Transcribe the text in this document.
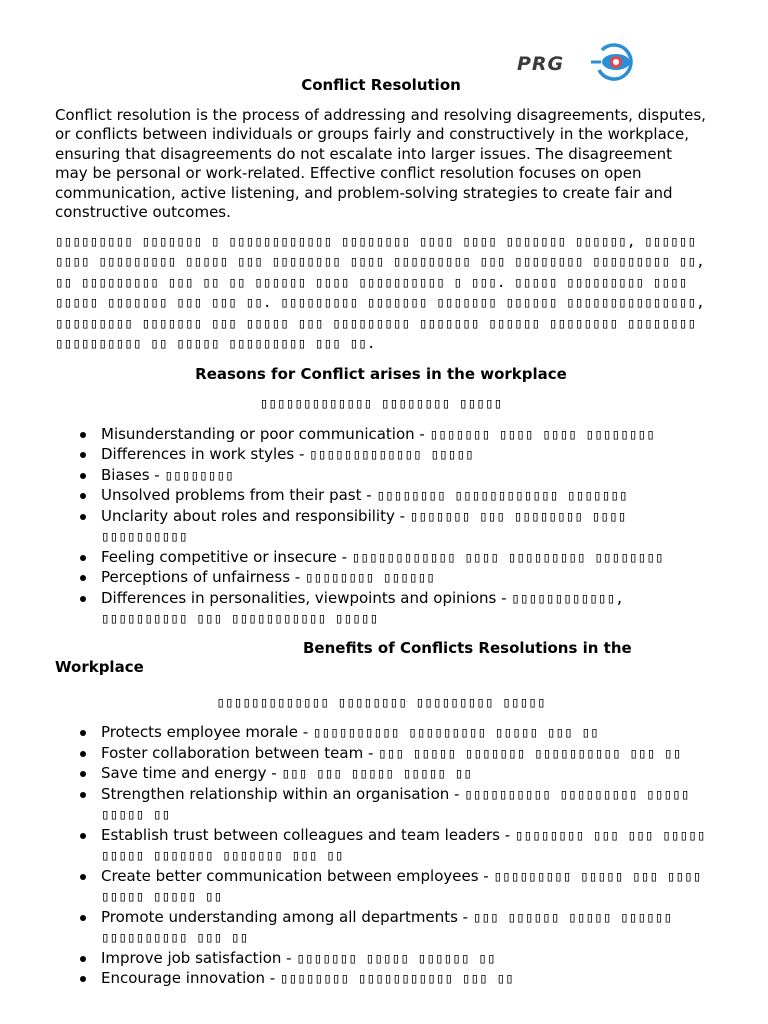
PRG

Conflict Resolution

Conflict resolution is the process of addressing and resolving disagreements, disputes, or conflicts between individuals or groups fairly and constructively in the workplace, ensuring that disagreements do not escalate into larger issues. The disagreement may be personal or work-related. Effective conflict resolution focuses on open communication, active listening, and problem-solving strategies to create fair and constructive outcomes.

▯▯▯▯▯▯▯▯▯ ▯▯▯▯▯▯▯ ▯ ▯▯▯▯▯▯▯▯▯▯▯▯ ▯▯▯▯▯▯▯▯ ▯▯▯▯ ▯▯▯▯ ▯▯▯▯▯▯▯ ▯▯▯▯▯▯, ▯▯▯▯▯▯ ▯▯▯▯ ▯▯▯▯▯▯▯▯▯ ▯▯▯▯▯ ▯▯▯ ▯▯▯▯▯▯▯▯ ▯▯▯▯ ▯▯▯▯▯▯▯▯▯ ▯▯▯ ▯▯▯▯▯▯▯▯ ▯▯▯▯▯▯▯▯▯ ▯▯, ▯▯ ▯▯▯▯▯▯▯▯▯ ▯▯▯ ▯▯ ▯▯ ▯▯▯▯▯▯ ▯▯▯▯ ▯▯▯▯▯▯▯▯▯▯ ▯ ▯▯▯. ▯▯▯▯▯ ▯▯▯▯▯▯▯▯▯ ▯▯▯▯ ▯▯▯▯▯ ▯▯▯▯▯▯▯ ▯▯▯ ▯▯▯ ▯▯. ▯▯▯▯▯▯▯▯▯ ▯▯▯▯▯▯▯ ▯▯▯▯▯▯▯ ▯▯▯▯▯▯ ▯▯▯▯▯▯▯▯▯▯▯▯▯▯▯, ▯▯▯▯▯▯▯▯▯ ▯▯▯▯▯▯▯ ▯▯▯ ▯▯▯▯▯ ▯▯▯ ▯▯▯▯▯▯▯▯▯ ▯▯▯▯▯▯▯ ▯▯▯▯▯▯ ▯▯▯▯▯▯▯▯ ▯▯▯▯▯▯▯▯ ▯▯▯▯▯▯▯▯▯▯ ▯▯ ▯▯▯▯▯ ▯▯▯▯▯▯▯▯▯ ▯▯▯ ▯▯.

Reasons for Conflict arises in the workplace

▯▯▯▯▯▯▯▯▯▯▯▯▯ ▯▯▯▯▯▯▯▯ ▯▯▯▯▯

Misunderstanding or poor communication - ▯▯▯▯▯▯▯ ▯▯▯▯ ▯▯▯▯ ▯▯▯▯▯▯▯▯
Differences in work styles - ▯▯▯▯▯▯▯▯▯▯▯▯▯ ▯▯▯▯▯
Biases - ▯▯▯▯▯▯▯▯
Unsolved problems from their past - ▯▯▯▯▯▯▯▯ ▯▯▯▯▯▯▯▯▯▯▯▯ ▯▯▯▯▯▯▯
Unclarity about roles and responsibility - ▯▯▯▯▯▯▯ ▯▯▯ ▯▯▯▯▯▯▯▯ ▯▯▯▯ ▯▯▯▯▯▯▯▯▯▯
Feeling competitive or insecure - ▯▯▯▯▯▯▯▯▯▯▯▯ ▯▯▯▯ ▯▯▯▯▯▯▯▯▯ ▯▯▯▯▯▯▯▯
Perceptions of unfairness - ▯▯▯▯▯▯▯▯ ▯▯▯▯▯▯
Differences in personalities, viewpoints and opinions - ▯▯▯▯▯▯▯▯▯▯▯▯, ▯▯▯▯▯▯▯▯▯▯ ▯▯▯ ▯▯▯▯▯▯▯▯▯▯▯ ▯▯▯▯▯

Benefits of Conflicts Resolutions in the Workplace

▯▯▯▯▯▯▯▯▯▯▯▯▯ ▯▯▯▯▯▯▯▯ ▯▯▯▯▯▯▯▯▯ ▯▯▯▯▯

Protects employee morale - ▯▯▯▯▯▯▯▯▯▯ ▯▯▯▯▯▯▯▯▯ ▯▯▯▯▯ ▯▯▯ ▯▯
Foster collaboration between team - ▯▯▯ ▯▯▯▯▯ ▯▯▯▯▯▯▯ ▯▯▯▯▯▯▯▯▯▯ ▯▯▯ ▯▯
Save time and energy - ▯▯▯ ▯▯▯ ▯▯▯▯▯ ▯▯▯▯▯ ▯▯
Strengthen relationship within an organisation - ▯▯▯▯▯▯▯▯▯▯ ▯▯▯▯▯▯▯▯▯ ▯▯▯▯▯ ▯▯▯▯▯ ▯▯
Establish trust between colleagues and team leaders - ▯▯▯▯▯▯▯▯ ▯▯▯ ▯▯▯ ▯▯▯▯▯ ▯▯▯▯▯ ▯▯▯▯▯▯▯ ▯▯▯▯▯▯▯ ▯▯▯ ▯▯
Create better communication between employees - ▯▯▯▯▯▯▯▯▯ ▯▯▯▯▯ ▯▯▯ ▯▯▯▯ ▯▯▯▯▯ ▯▯▯▯▯ ▯▯
Promote understanding among all departments - ▯▯▯ ▯▯▯▯▯▯ ▯▯▯▯▯ ▯▯▯▯▯▯ ▯▯▯▯▯▯▯▯▯▯ ▯▯▯ ▯▯
Improve job satisfaction - ▯▯▯▯▯▯▯ ▯▯▯▯▯ ▯▯▯▯▯▯ ▯▯
Encourage innovation - ▯▯▯▯▯▯▯▯ ▯▯▯▯▯▯▯▯▯▯▯ ▯▯▯ ▯▯
